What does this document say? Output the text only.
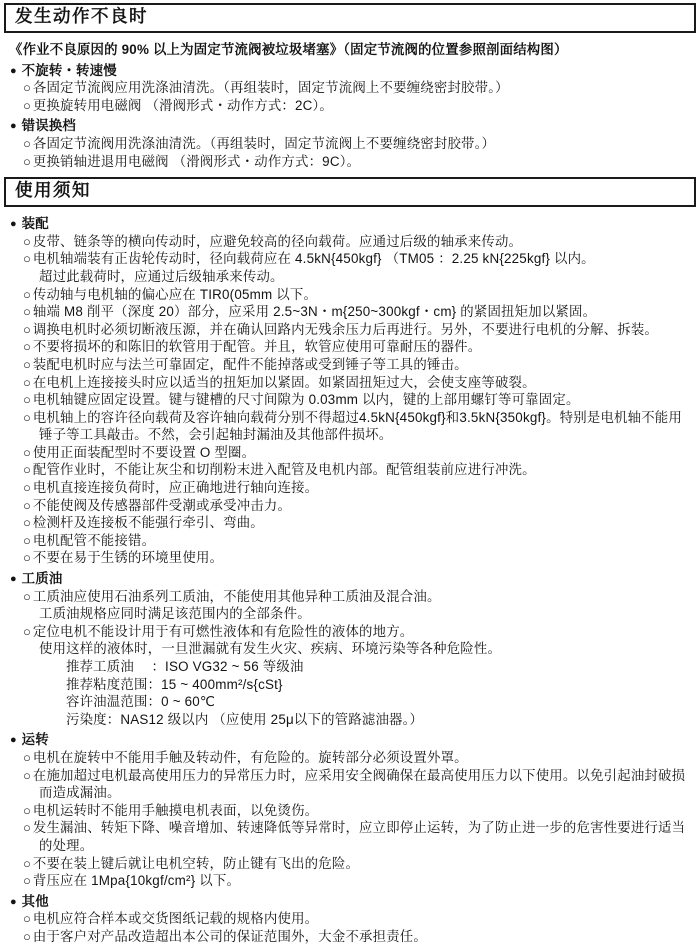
发生动作不良时
《作业不良原因的 90% 以上为固定节流阀被垃圾堵塞》（固定节流阀的位置参照剖面结构图）
● 不旋转・转速慢
○ 各固定节流阀应用洗涤油清洗。（再组装时，固定节流阀上不要缠绕密封胶带。）
○ 更换旋转用电磁阀 （滑阀形式・动作方式：2C）。
● 错误换档
○ 各固定节流阀用洗涤油清洗。（再组装时，固定节流阀上不要缠绕密封胶带。）
○ 更换销轴进退用电磁阀 （滑阀形式・动作方式：9C）。
使用须知
● 装配
○ 皮带、链条等的横向传动时，应避免较高的径向载荷。应通过后级的轴承来传动。
○ 电机轴端装有正齿轮传动时，径向载荷应在 4.5kN{450kgf} （TM05 ：2.25 kN{225kgf} 以内。
超过此载荷时，应通过后级轴承来传动。
○ 传动轴与电机轴的偏心应在 TIR0(05mm 以下。
○ 轴端 M8 削平（深度 20）部分，应采用 2.5~3N・m{250~300kgf・cm} 的紧固扭矩加以紧固。
○ 调换电机时必须切断液压源，并在确认回路内无残余压力后再进行。另外，不要进行电机的分解、拆装。
○ 不要将损坏的和陈旧的软管用于配管。并且，软管应使用可靠耐压的器件。
○ 装配电机时应与法兰可靠固定，配件不能掉落或受到锤子等工具的锤击。
○ 在电机上连接接头时应以适当的扭矩加以紧固。如紧固扭矩过大，会使支座等破裂。
○ 电机轴键应固定设置。键与键槽的尺寸间隙为 0.03mm 以内，键的上部用螺钉等可靠固定。
○ 电机轴上的容许径向载荷及容许轴向载荷分别不得超过4.5kN{450kgf}和3.5kN{350kgf}。特别是电机轴不能用
锤子等工具敲击。不然，会引起轴封漏油及其他部件损坏。
○ 使用正面装配型时不要设置 O 型圈。
○ 配管作业时，不能让灰尘和切削粉末进入配管及电机内部。配管组装前应进行冲洗。
○ 电机直接连接负荷时，应正确地进行轴向连接。
○ 不能使阀及传感器部件受潮或承受冲击力。
○ 检测杆及连接板不能强行牵引、弯曲。
○ 电机配管不能接错。
○ 不要在易于生锈的环境里使用。
● 工质油
○ 工质油应使用石油系列工质油，不能使用其他异种工质油及混合油。
工质油规格应同时满足该范围内的全部条件。
○ 定位电机不能设计用于有可燃性液体和有危险性的液体的地方。
使用这样的液体时，一旦泄漏就有发生火灾、疾病、环境污染等各种危险性。
推荐工质油　 ：ISO VG32 ~ 56 等级油
推荐粘度范围：15 ~ 400mm²/s{cSt}
容许油温范围：0 ~ 60℃
污染度：NAS12 级以内 （应使用 25μ以下的管路滤油器。）
● 运转
○ 电机在旋转中不能用手触及转动件，有危险的。旋转部分必须设置外罩。
○ 在施加超过电机最高使用压力的异常压力时，应采用安全阀确保在最高使用压力以下使用。以免引起油封破损
而造成漏油。
○ 电机运转时不能用手触摸电机表面，以免烫伤。
○ 发生漏油、转矩下降、噪音增加、转速降低等异常时，应立即停止运转，为了防止进一步的危害性要进行适当
的处理。
○ 不要在装上键后就让电机空转，防止键有飞出的危险。
○ 背压应在 1Mpa{10kgf/cm²} 以下。
● 其他
○ 电机应符合样本或交货图纸记载的规格内使用。
○ 由于客户对产品改造超出本公司的保证范围外，大金不承担责任。
